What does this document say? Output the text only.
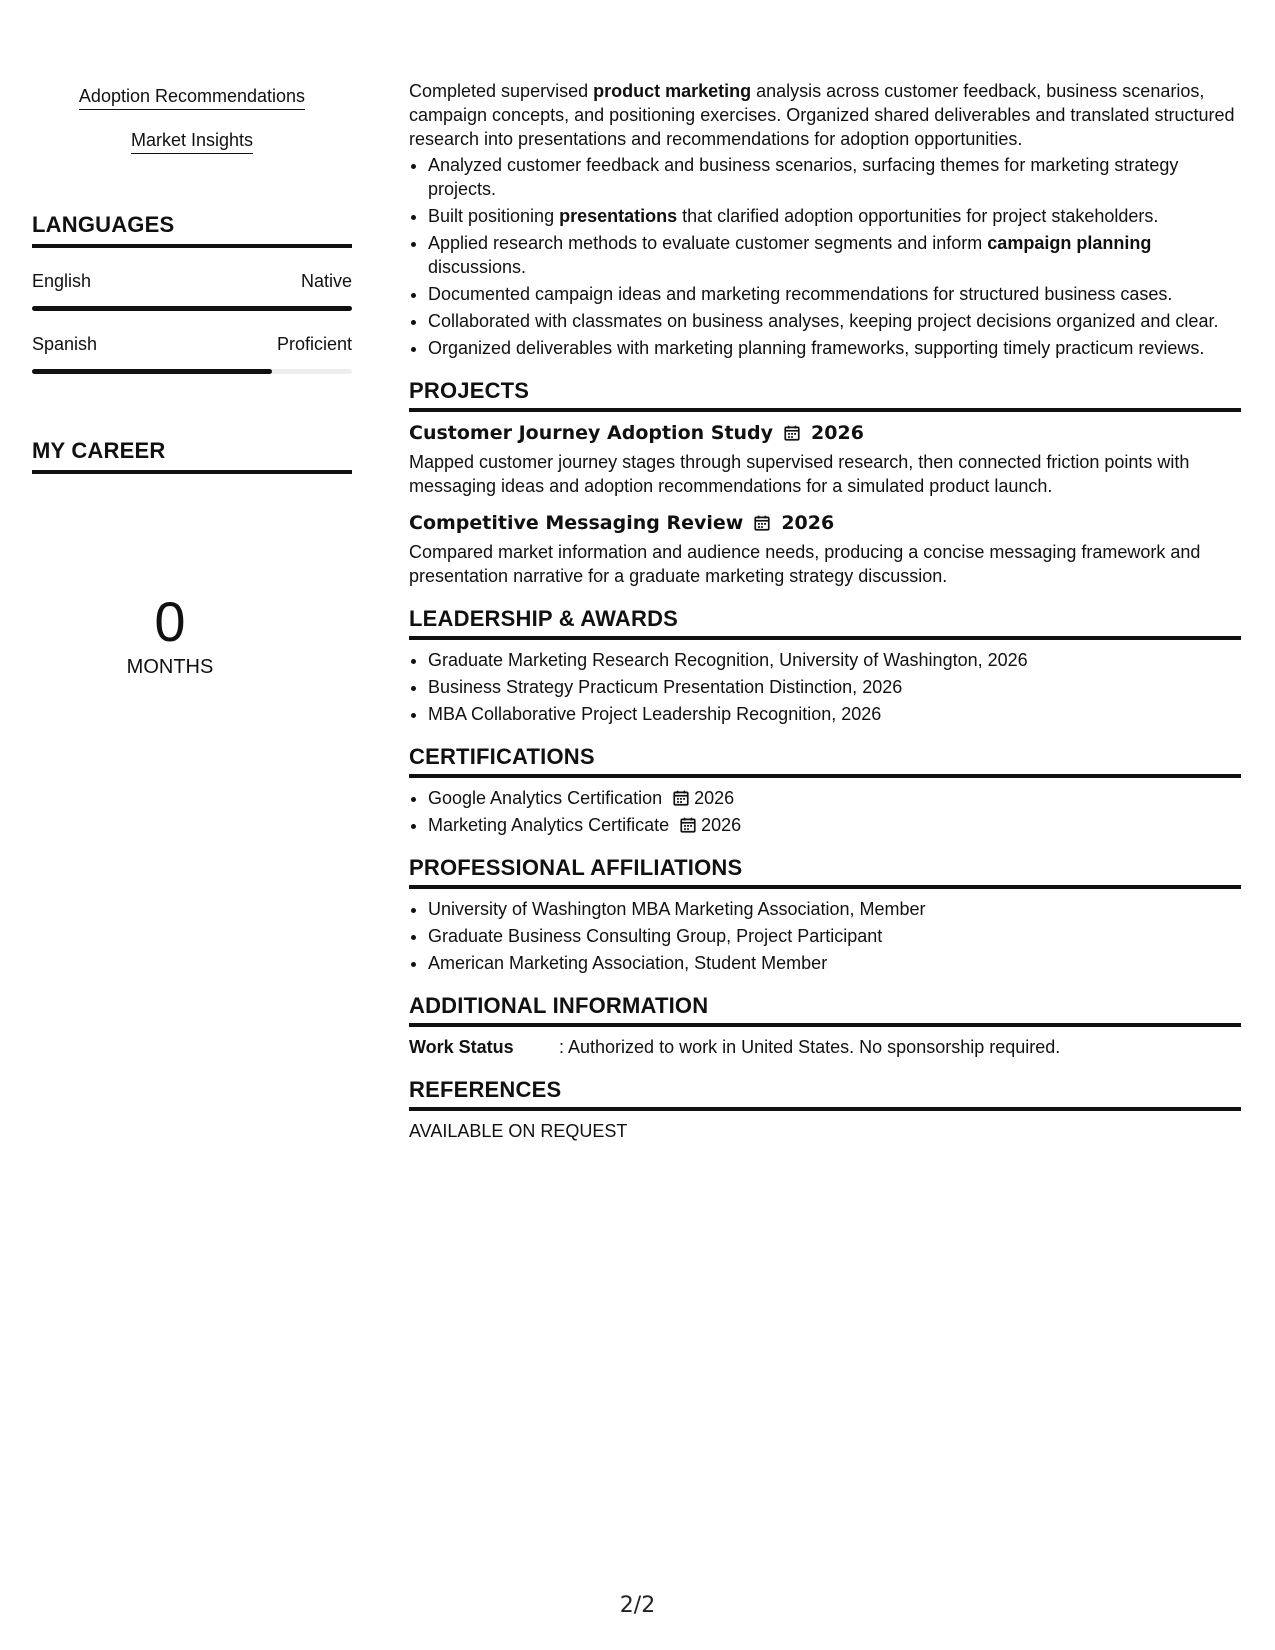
Adoption Recommendations
Market Insights
LANGUAGES
English	Native
Spanish	Proficient
MY CAREER
0
MONTHS

Completed supervised product marketing analysis across customer feedback, business scenarios, campaign concepts, and positioning exercises. Organized shared deliverables and translated structured research into presentations and recommendations for adoption opportunities.

• Analyzed customer feedback and business scenarios, surfacing themes for marketing strategy projects.
• Built positioning presentations that clarified adoption opportunities for project stakeholders.
• Applied research methods to evaluate customer segments and inform campaign planning discussions.
• Documented campaign ideas and marketing recommendations for structured business cases.
• Collaborated with classmates on business analyses, keeping project decisions organized and clear.
• Organized deliverables with marketing planning frameworks, supporting timely practicum reviews.
PROJECTS
Customer Journey Adoption Study 2026

Mapped customer journey stages through supervised research, then connected friction points with messaging ideas and adoption recommendations for a simulated product launch.

Competitive Messaging Review 2026

Compared market information and audience needs, producing a concise messaging framework and presentation narrative for a graduate marketing strategy discussion.

LEADERSHIP & AWARDS
• Graduate Marketing Research Recognition, University of Washington, 2026
• Business Strategy Practicum Presentation Distinction, 2026
• MBA Collaborative Project Leadership Recognition, 2026
CERTIFICATIONS
• Google Analytics Certification 2026
• Marketing Analytics Certificate 2026
PROFESSIONAL AFFILIATIONS
• University of Washington MBA Marketing Association, Member
• Graduate Business Consulting Group, Project Participant
• American Marketing Association, Student Member
ADDITIONAL INFORMATION
Work Status	: Authorized to work in United States. No sponsorship required.
REFERENCES
AVAILABLE ON REQUEST
2/2
